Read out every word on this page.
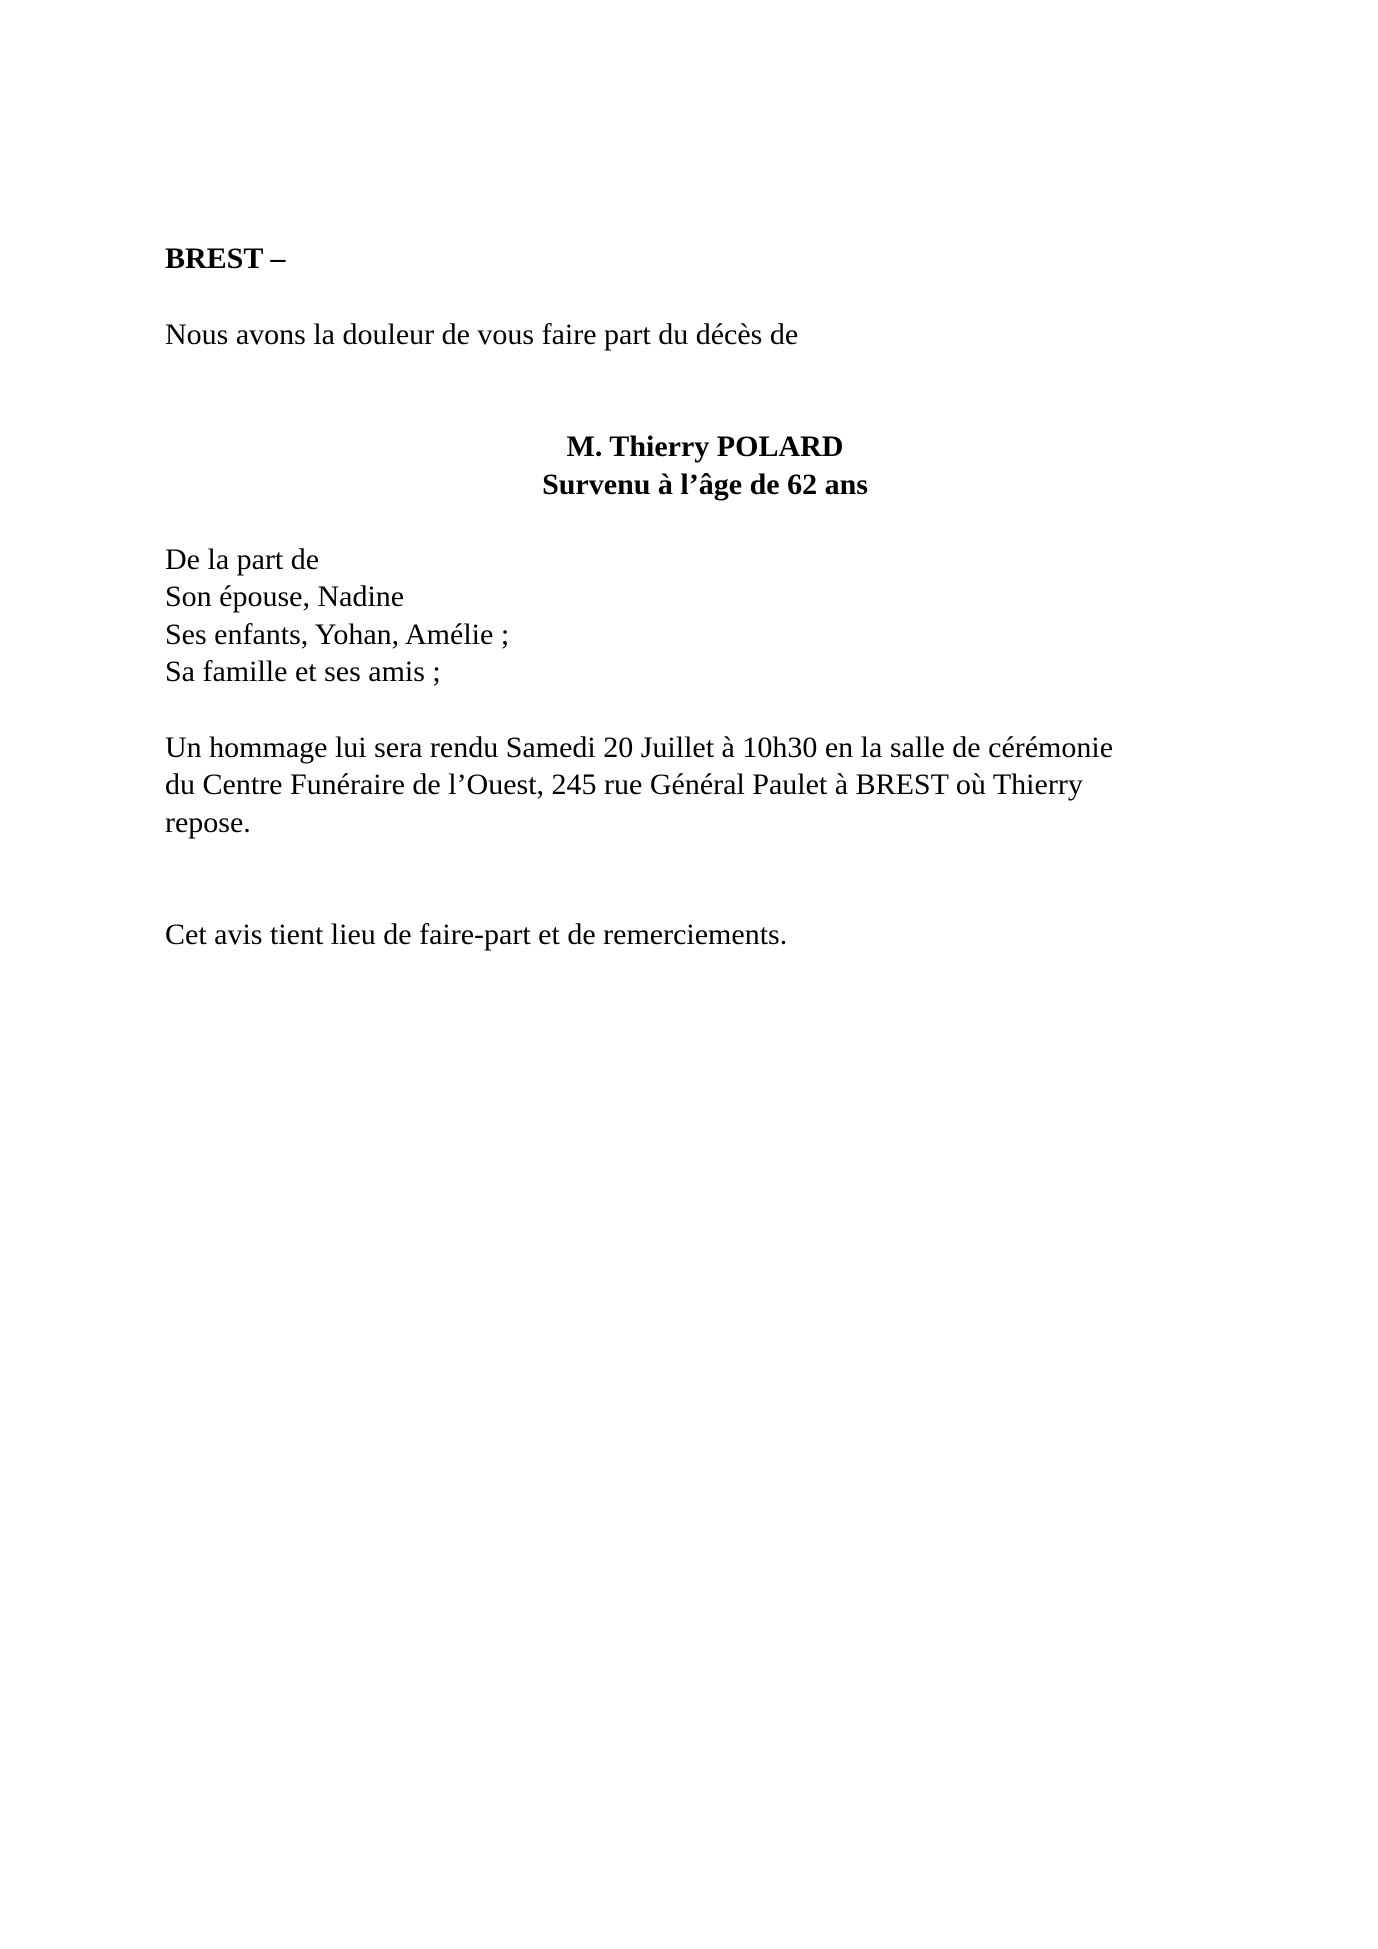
BREST –

Nous avons la douleur de vous faire part du décès de

M. Thierry POLARD

Survenu à l’âge de 62 ans

De la part de

Son épouse, Nadine

Ses enfants, Yohan, Amélie ;

Sa famille et ses amis ;

Un hommage lui sera rendu Samedi 20 Juillet à 10h30 en la salle de cérémonie

du Centre Funéraire de l’Ouest, 245 rue Général Paulet à BREST où Thierry

repose.

Cet avis tient lieu de faire-part et de remerciements.
